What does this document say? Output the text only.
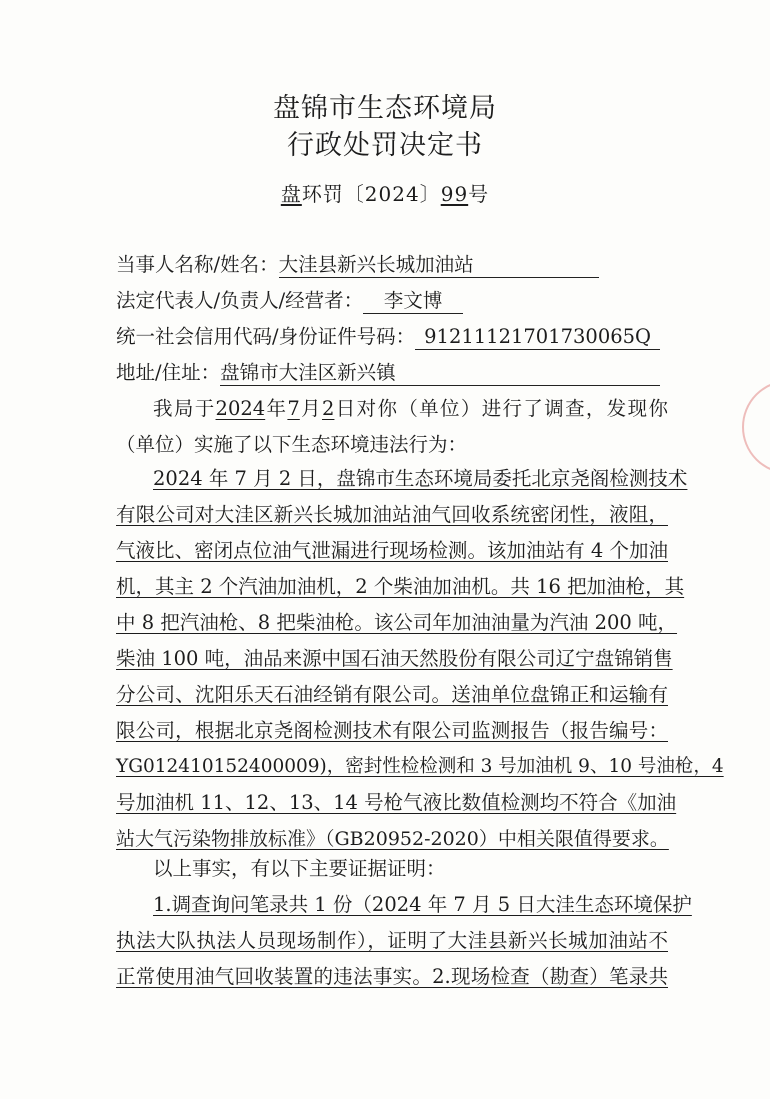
盘锦市生态环境局
行政处罚决定书
盘环罚〔2024〕99号
当事人名称/姓名：大洼县新兴长城加油站
法定代表人/负责人/经营者： 李文博
统一社会信用代码/身份证件号码： 91211121701730065Q
地址/住址：盘锦市大洼区新兴镇
我局于2024年7月2日对你（单位）进行了调查，发现你
（单位）实施了以下生态环境违法行为：
2024 年 7 月 2 日，盘锦市生态环境局委托北京尧阁检测技术
有限公司对大洼区新兴长城加油站油气回收系统密闭性，液阻，
气液比、密闭点位油气泄漏进行现场检测。该加油站有 4 个加油
机，其主 2 个汽油加油机，2 个柴油加油机。共 16 把加油枪，其
中 8 把汽油枪、8 把柴油枪。该公司年加油油量为汽油 200 吨，
柴油 100 吨，油品来源中国石油天然股份有限公司辽宁盘锦销售
分公司、沈阳乐天石油经销有限公司。送油单位盘锦正和运输有
限公司，根据北京尧阁检测技术有限公司监测报告（报告编号：
YG012410152400009)，密封性检检测和 3 号加油机 9、10 号油枪，4
号加油机 11、12、13、14 号枪气液比数值检测均不符合《加油
站大气污染物排放标准》（GB20952-2020）中相关限值得要求。
以上事实，有以下主要证据证明：
1.调查询问笔录共 1 份（2024 年 7 月 5 日大洼生态环境保护
执法大队执法人员现场制作），证明了大洼县新兴长城加油站不
正常使用油气回收装置的违法事实。2.现场检查（勘查）笔录共
